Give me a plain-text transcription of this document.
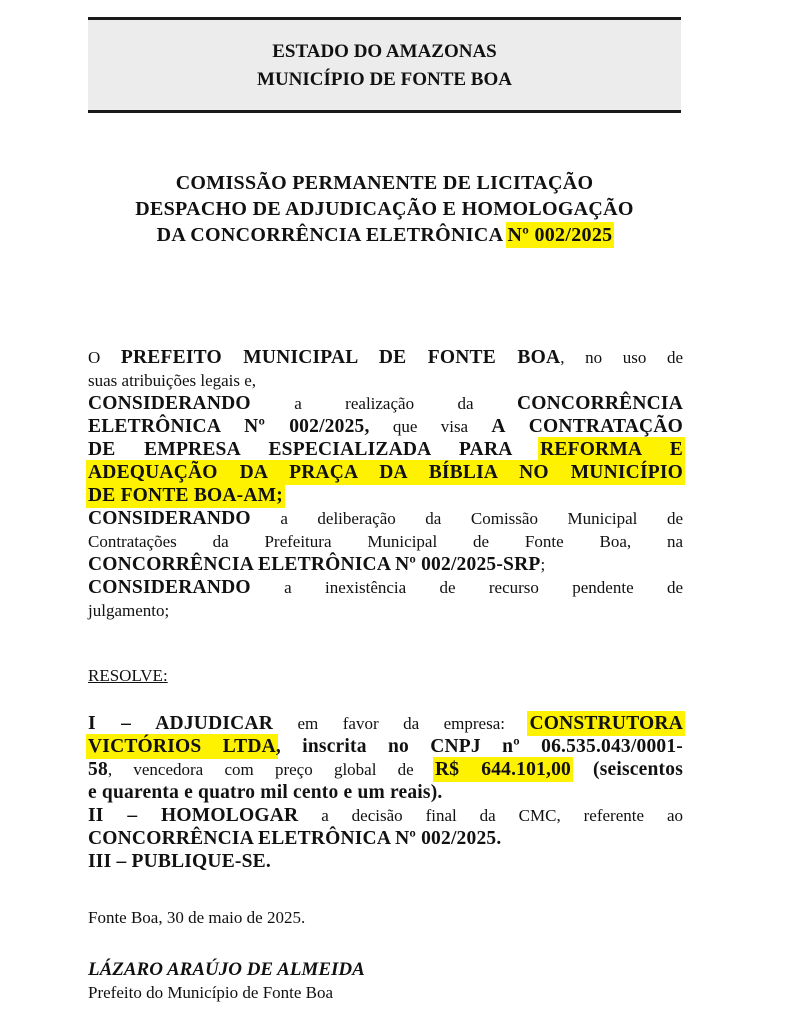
ESTADO DO AMAZONAS
MUNICÍPIO DE FONTE BOA
COMISSÃO PERMANENTE DE LICITAÇÃO
DESPACHO DE ADJUDICAÇÃO E HOMOLOGAÇÃO
DA CONCORRÊNCIA ELETRÔNICA Nº 002/2025
O PREFEITO MUNICIPAL DE FONTE BOA, no uso de
suas atribuições legais e,
CONSIDERANDO a realização da CONCORRÊNCIA
ELETRÔNICA Nº 002/2025, que visa A CONTRATAÇÃO
DE EMPRESA ESPECIALIZADA PARA REFORMA E
ADEQUAÇÃO DA PRAÇA DA BÍBLIA NO MUNICÍPIO
DE FONTE BOA-AM;
CONSIDERANDO a deliberação da Comissão Municipal de
Contratações da Prefeitura Municipal de Fonte Boa, na
CONCORRÊNCIA ELETRÔNICA Nº 002/2025-SRP;
CONSIDERANDO a inexistência de recurso pendente de
julgamento;
RESOLVE:
I – ADJUDICAR em favor da empresa: CONSTRUTORA
VICTÓRIOS LTDA, inscrita no CNPJ nº 06.535.043/0001-
58, vencedora com preço global de R$ 644.101,00 (seiscentos
e quarenta e quatro mil cento e um reais).
II – HOMOLOGAR a decisão final da CMC, referente ao
CONCORRÊNCIA ELETRÔNICA Nº 002/2025.
III – PUBLIQUE-SE.
Fonte Boa, 30 de maio de 2025.
LÁZARO ARAÚJO DE ALMEIDA
Prefeito do Município de Fonte Boa
